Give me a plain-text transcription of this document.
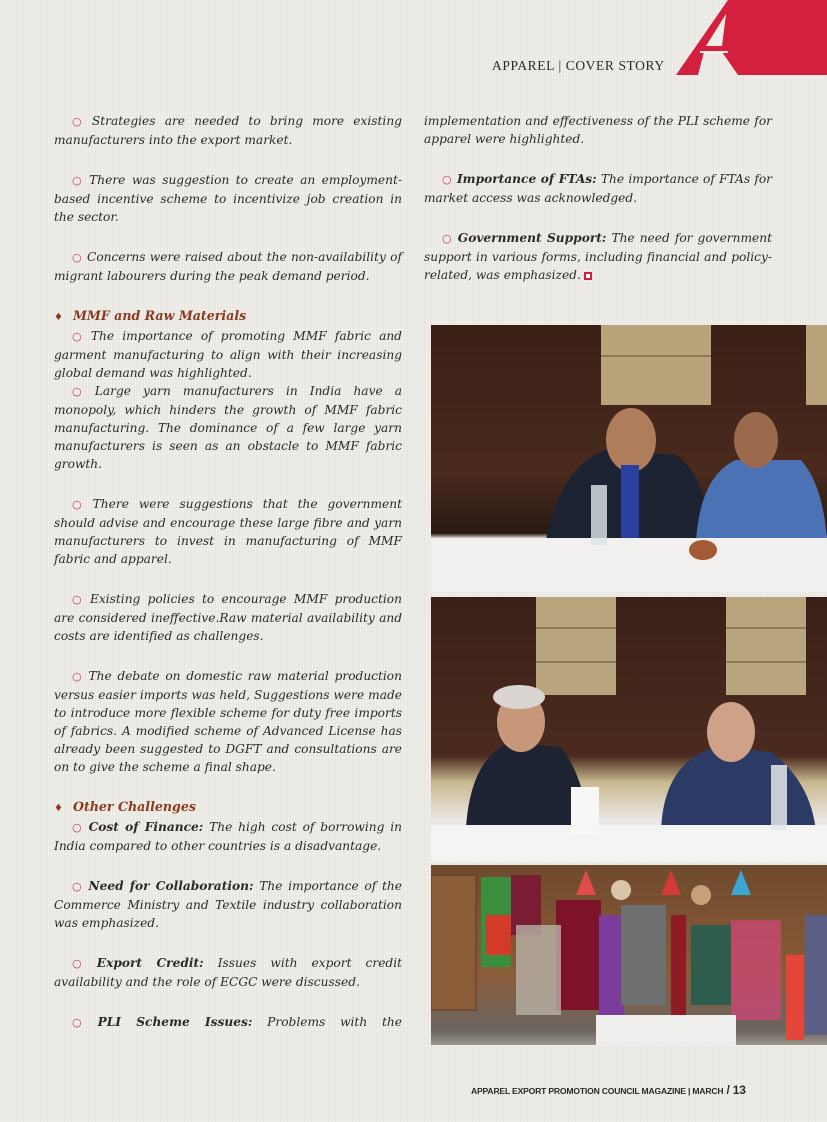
APPAREL | COVER STORY

○ Strategies are needed to bring more existing manufacturers into the export market.

○ There was suggestion to create an employment-based incentive scheme to incentivize job creation in the sector.

○ Concerns were raised about the non-availability of migrant labourers during the peak demand period.

♦ MMF and Raw Materials

○ The importance of promoting MMF fabric and garment manufacturing to align with their increasing global demand was highlighted.

○ Large yarn manufacturers in India have a monopoly, which hinders the growth of MMF fabric manufacturing. The dominance of a few large yarn manufacturers is seen as an obstacle to MMF fabric growth.

○ There were suggestions that the government should advise and encourage these large fibre and yarn manufacturers to invest in manufacturing of MMF fabric and apparel.

○ Existing policies to encourage MMF production are considered ineffective.Raw material availability and costs are identified as challenges.

○ The debate on domestic raw material production versus easier imports was held, Suggestions were made to introduce more flexible scheme for duty free imports of fabrics. A modified scheme of Advanced License has already been suggested to DGFT and consultations are on to give the scheme a final shape.

♦ Other Challenges

○ Cost of Finance: The high cost of borrowing in India compared to other countries is a disadvantage.

○ Need for Collaboration: The importance of the Commerce Ministry and Textile industry collaboration was emphasized.

○ Export Credit: Issues with export credit availability and the role of ECGC were discussed.

○ PLI Scheme Issues: Problems with the

implementation and effectiveness of the PLI scheme for apparel were highlighted.

○ Importance of FTAs: The importance of FTAs for market access was acknowledged.

○ Government Support: The need for government support in various forms, including financial and policy-related, was emphasized.

APPAREL EXPORT PROMOTION COUNCIL MAGAZINE | MARCH / 13
